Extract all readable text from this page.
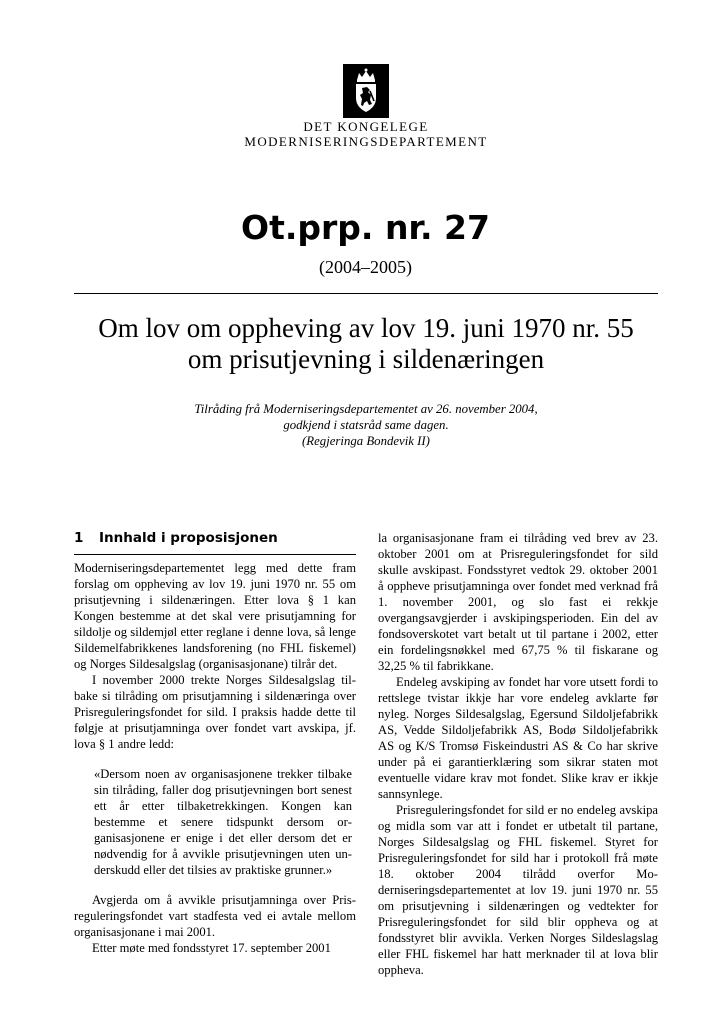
DET KONGELEGE
MODERNISERINGSDEPARTEMENT
Ot.prp. nr. 27
(2004–2005)
Om lov om oppheving av lov 19. juni 1970 nr. 55
om prisutjevning i sildenæringen
Tilråding frå Moderniseringsdepartementet av 26. november 2004,
godkjend i statsråd same dagen.
(Regjeringa Bondevik II)
1 Innhald i proposisjonen

Moderniseringsdepartementet legg med dette fram forslag om oppheving av lov 19. juni 1970 nr. 55 om prisutjevning i sildenæringen. Etter lova § 1 kan Kongen bestemme at det skal vere prisutjamning for sildolje og sildemjøl etter reglane i denne lova, så lenge Sildemelfabrikkenes landsforening (no FHL fiskemel) og Norges Sildesalgslag (organisasjonane) tilrår det.

I november 2000 trekte Norges Sildesalgslag tilbake si tilråding om prisutjamning i sildenæringa over Prisreguleringsfondet for sild. I praksis hadde dette til følgje at prisutjamninga over fondet vart avskipa, jf. lova § 1 andre ledd:

«Dersom noen av organisasjonene trekker tilbake sin tilråding, faller dog prisutjevningen bort senest ett år etter tilbaketrekkingen. Kongen kan bestemme et senere tidspunkt dersom organisasjonene er enige i det eller dersom det er nødvendig for å avvikle prisutjevningen uten underskudd eller det tilsies av praktiske grunner.»

Avgjerda om å avvikle prisutjamninga over Prisreguleringsfondet vart stadfesta ved ei avtale mellom organisasjonane i mai 2001.

Etter møte med fondsstyret 17. september 2001

la organisasjonane fram ei tilråding ved brev av 23. oktober 2001 om at Prisreguleringsfondet for sild skulle avskipast. Fondsstyret vedtok 29. oktober 2001 å oppheve prisutjamninga over fondet med verknad frå 1. november 2001, og slo fast ei rekkje overgangsavgjerder i avskipingsperioden. Ein del av fondsoverskotet vart betalt ut til partane i 2002, etter ein fordelingsnøkkel med 67,75 % til fiskarane og 32,25 % til fabrikkane.

Endeleg avskiping av fondet har vore utsett fordi to rettslege tvistar ikkje har vore endeleg avklarte før nyleg. Norges Sildesalgslag, Egersund Sildoljefabrikk AS, Vedde Sildoljefabrikk AS, Bodø Sildoljefabrikk AS og K/S Tromsø Fiskeindustri AS & Co har skrive under på ei garantierklæring som sikrar staten mot eventuelle vidare krav mot fondet. Slike krav er ikkje sannsynlege.

Prisreguleringsfondet for sild er no endeleg avskipa og midla som var att i fondet er utbetalt til partane, Norges Sildesalgslag og FHL fiskemel. Styret for Prisreguleringsfondet for sild har i protokoll frå møte 18. oktober 2004 tilrådd overfor Moderniseringsdepartementet at lov 19. juni 1970 nr. 55 om prisutjevning i sildenæringen og vedtekter for Prisreguleringsfondet for sild blir oppheva og at fondsstyret blir avvikla. Verken Norges Sildeslagslag eller FHL fiskemel har hatt merknader til at lova blir oppheva.
